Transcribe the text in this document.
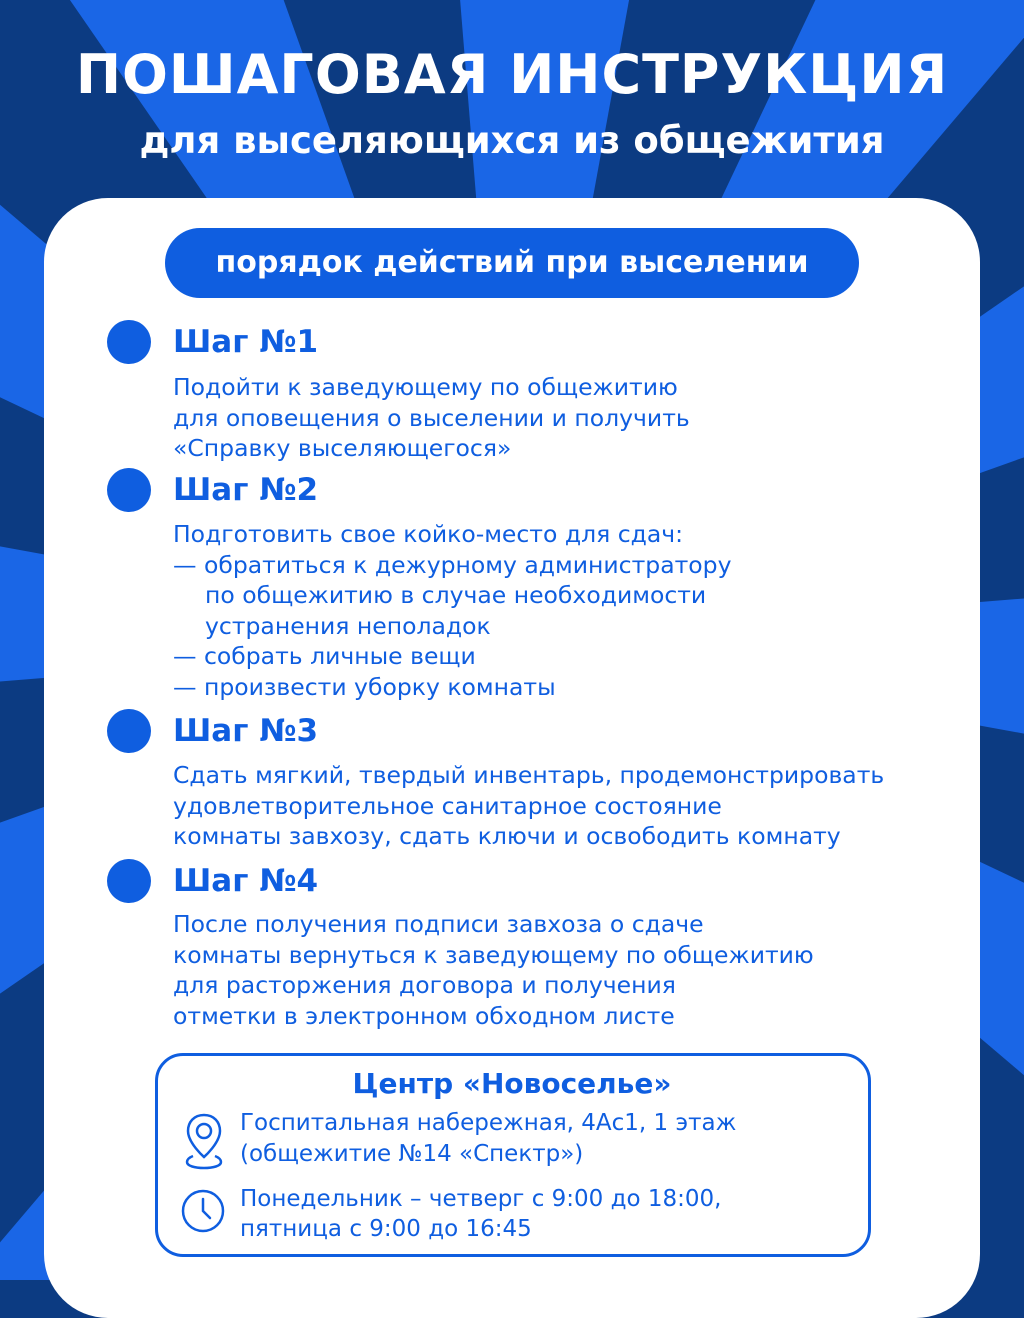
ПОШАГОВАЯ ИНСТРУКЦИЯ
для выселяющихся из общежития
порядок действий при выселении
Шаг №1
Подойти к заведующему по общежитию
для оповещения о выселении и получить
«Справку выселяющегося»
Шаг №2
Подготовить свое койко-место для сдач:
— обратиться к дежурному администратору
по общежитию в случае необходимости
устранения неполадок
— собрать личные вещи
— произвести уборку комнаты
Шаг №3
Сдать мягкий, твердый инвентарь, продемонстрировать
удовлетворительное санитарное состояние
комнаты завхозу, сдать ключи и освободить комнату
Шаг №4
После получения подписи завхоза о сдаче
комнаты вернуться к заведующему по общежитию
для расторжения договора и получения
отметки в электронном обходном листе
Центр «Новоселье»
Госпитальная набережная, 4Ас1, 1 этаж
(общежитие №14 «Спектр»)
Понедельник – четверг с 9:00 до 18:00,
пятница с 9:00 до 16:45
